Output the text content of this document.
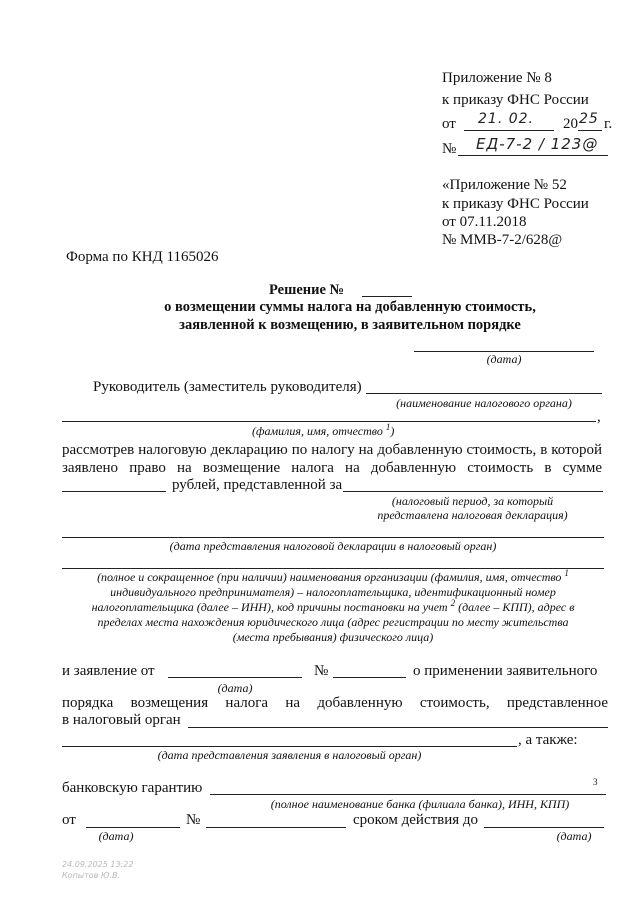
Приложение № 8
к приказу ФНС России
от 21. 02. 20 25 г.
№ ЕД-7-2 / 123@
«Приложение № 52
к приказу ФНС России
от 07.11.2018
№ ММВ-7-2/628@
Форма по КНД 1165026
Решение №
о возмещении суммы налога на добавленную стоимость,
заявленной к возмещению, в заявительном порядке
(дата)
Руководитель (заместитель руководителя)
(наименование налогового органа)
,
(фамилия, имя, отчество $^1$)
рассмотрев налоговую декларацию по налогу на добавленную стоимость, в которой
заявлено право на возмещение налога на добавленную стоимость в сумме
рублей, представленной за
(налоговый период, за который
представлена налоговая декларация)
(дата представления налоговой декларации в налоговый орган)
(полное и сокращенное (при наличии) наименования организации (фамилия, имя, отчество $^1$
индивидуального предпринимателя) – налогоплательщика, идентификационный номер
налогоплательщика (далее – ИНН), код причины постановки на учет $^2$ (далее – КПП), адрес в
пределах места нахождения юридического лица (адрес регистрации по месту жительства
(места пребывания) физического лица)
и заявление от	№	о применении заявительного
(дата)
порядка возмещения налога на добавленную стоимость, представленное
в налоговый орган
, а также:
(дата представления заявления в налоговый орган)
банковскую гарантию	3
(полное наименование банка (филиала банка), ИНН, КПП)
от	№	сроком действия до
(дата)	(дата)
24.09.2025 13:22
Копытов Ю.В.
